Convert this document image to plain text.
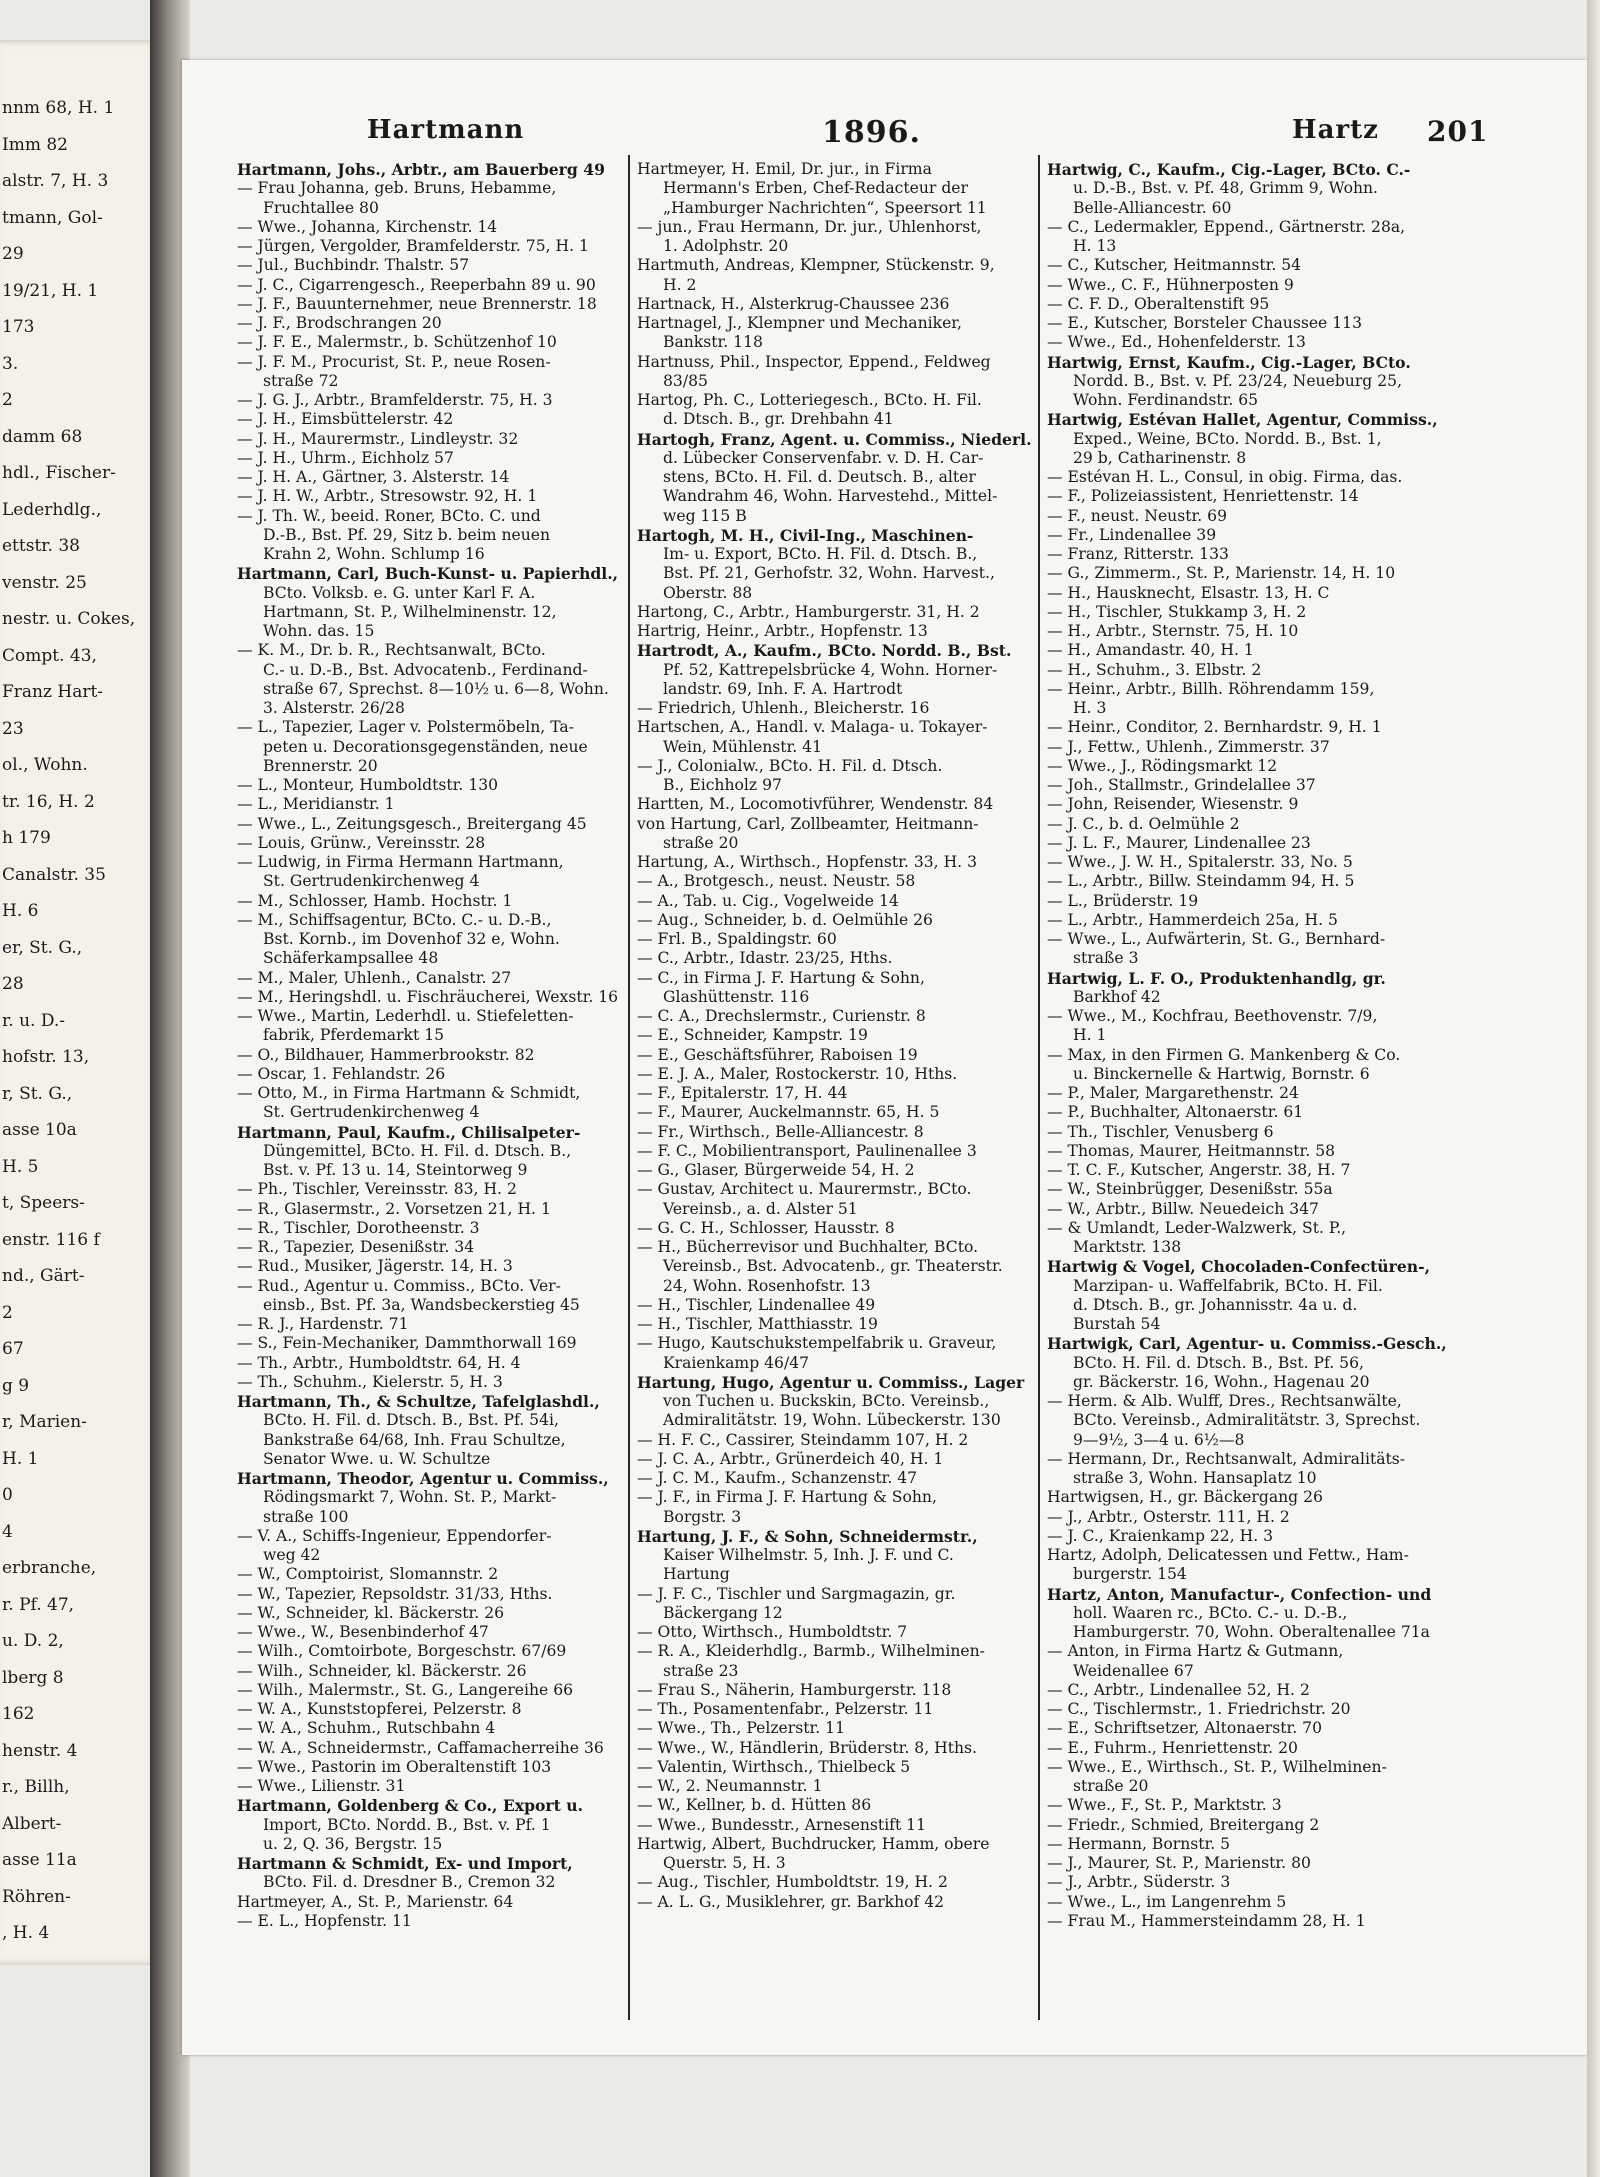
nnm 68, H. 1
Imm 82
alstr. 7, H. 3
tmann, Gol-
29
19/21, H. 1
173
3.
2
damm 68
hdl., Fischer-
Lederhdlg.,
ettstr. 38
venstr. 25
nestr. u. Cokes,
Compt. 43,
Franz Hart-
23
ol., Wohn.
tr. 16, H. 2
h 179
Canalstr. 35
H. 6
er, St. G.,
28
r. u. D.-
hofstr. 13,
r, St. G.,
asse 10a
H. 5
t, Speers-
enstr. 116 f
nd., Gärt-
2
67
g 9
r, Marien-
H. 1
0
4
erbranche,
r. Pf. 47,
u. D. 2,
lberg 8
162
henstr. 4
r., Billh,
Albert-
asse 11a
Röhren-
, H. 4
Hartmann	1896.	Hartz 201
Hartmann, Johs., Arbtr., am Bauerberg 49
— Frau Johanna, geb. Bruns, Hebamme,
Fruchtallee 80
— Wwe., Johanna, Kirchenstr. 14
— Jürgen, Vergolder, Bramfelderstr. 75, H. 1
— Jul., Buchbindr. Thalstr. 57
— J. C., Cigarrengesch., Reeperbahn 89 u. 90
— J. F., Bauunternehmer, neue Brennerstr. 18
— J. F., Brodschrangen 20
— J. F. E., Malermstr., b. Schützenhof 10
— J. F. M., Procurist, St. P., neue Rosen-
straße 72
— J. G. J., Arbtr., Bramfelderstr. 75, H. 3
— J. H., Eimsbüttelerstr. 42
— J. H., Maurermstr., Lindleystr. 32
— J. H., Uhrm., Eichholz 57
— J. H. A., Gärtner, 3. Alsterstr. 14
— J. H. W., Arbtr., Stresowstr. 92, H. 1
— J. Th. W., beeid. Roner, BCto. C. und
D.-B., Bst. Pf. 29, Sitz b. beim neuen
Krahn 2, Wohn. Schlump 16
Hartmann, Carl, Buch-Kunst- u. Papierhdl.,
BCto. Volksb. e. G. unter Karl F. A.
Hartmann, St. P., Wilhelminenstr. 12,
Wohn. das. 15
— K. M., Dr. b. R., Rechtsanwalt, BCto.
C.- u. D.-B., Bst. Advocatenb., Ferdinand-
straße 67, Sprechst. 8—10½ u. 6—8, Wohn.
3. Alsterstr. 26/28
— L., Tapezier, Lager v. Polstermöbeln, Ta-
peten u. Decorationsgegenständen, neue
Brennerstr. 20
— L., Monteur, Humboldtstr. 130
— L., Meridianstr. 1
— Wwe., L., Zeitungsgesch., Breitergang 45
— Louis, Grünw., Vereinsstr. 28
— Ludwig, in Firma Hermann Hartmann,
St. Gertrudenkirchenweg 4
— M., Schlosser, Hamb. Hochstr. 1
— M., Schiffsagentur, BCto. C.- u. D.-B.,
Bst. Kornb., im Dovenhof 32 e, Wohn.
Schäferkampsallee 48
— M., Maler, Uhlenh., Canalstr. 27
— M., Heringshdl. u. Fischräucherei, Wexstr. 16
— Wwe., Martin, Lederhdl. u. Stiefeletten-
fabrik, Pferdemarkt 15
— O., Bildhauer, Hammerbrookstr. 82
— Oscar, 1. Fehlandstr. 26
— Otto, M., in Firma Hartmann & Schmidt,
St. Gertrudenkirchenweg 4
Hartmann, Paul, Kaufm., Chilisalpeter-
Düngemittel, BCto. H. Fil. d. Dtsch. B.,
Bst. v. Pf. 13 u. 14, Steintorweg 9
— Ph., Tischler, Vereinsstr. 83, H. 2
— R., Glasermstr., 2. Vorsetzen 21, H. 1
— R., Tischler, Dorotheenstr. 3
— R., Tapezier, Desenißstr. 34
— Rud., Musiker, Jägerstr. 14, H. 3
— Rud., Agentur u. Commiss., BCto. Ver-
einsb., Bst. Pf. 3a, Wandsbeckerstieg 45
— R. J., Hardenstr. 71
— S., Fein-Mechaniker, Dammthorwall 169
— Th., Arbtr., Humboldtstr. 64, H. 4
— Th., Schuhm., Kielerstr. 5, H. 3
Hartmann, Th., & Schultze, Tafelglashdl.,
BCto. H. Fil. d. Dtsch. B., Bst. Pf. 54i,
Bankstraße 64/68, Inh. Frau Schultze,
Senator Wwe. u. W. Schultze
Hartmann, Theodor, Agentur u. Commiss.,
Rödingsmarkt 7, Wohn. St. P., Markt-
straße 100
— V. A., Schiffs-Ingenieur, Eppendorfer-
weg 42
— W., Comptoirist, Slomannstr. 2
— W., Tapezier, Repsoldstr. 31/33, Hths.
— W., Schneider, kl. Bäckerstr. 26
— Wwe., W., Besenbinderhof 47
— Wilh., Comtoirbote, Borgeschstr. 67/69
— Wilh., Schneider, kl. Bäckerstr. 26
— Wilh., Malermstr., St. G., Langereihe 66
— W. A., Kunststopferei, Pelzerstr. 8
— W. A., Schuhm., Rutschbahn 4
— W. A., Schneidermstr., Caffamacherreihe 36
— Wwe., Pastorin im Oberaltenstift 103
— Wwe., Lilienstr. 31
Hartmann, Goldenberg & Co., Export u.
Import, BCto. Nordd. B., Bst. v. Pf. 1
u. 2, Q. 36, Bergstr. 15
Hartmann & Schmidt, Ex- und Import,
BCto. Fil. d. Dresdner B., Cremon 32
Hartmeyer, A., St. P., Marienstr. 64
— E. L., Hopfenstr. 11
Hartmeyer, H. Emil, Dr. jur., in Firma
Hermann's Erben, Chef-Redacteur der
„Hamburger Nachrichten“, Speersort 11
— jun., Frau Hermann, Dr. jur., Uhlenhorst,
1. Adolphstr. 20
Hartmuth, Andreas, Klempner, Stückenstr. 9,
H. 2
Hartnack, H., Alsterkrug-Chaussee 236
Hartnagel, J., Klempner und Mechaniker,
Bankstr. 118
Hartnuss, Phil., Inspector, Eppend., Feldweg
83/85
Hartog, Ph. C., Lotteriegesch., BCto. H. Fil.
d. Dtsch. B., gr. Drehbahn 41
Hartogh, Franz, Agent. u. Commiss., Niederl.
d. Lübecker Conservenfabr. v. D. H. Car-
stens, BCto. H. Fil. d. Deutsch. B., alter
Wandrahm 46, Wohn. Harvestehd., Mittel-
weg 115 B
Hartogh, M. H., Civil-Ing., Maschinen-
Im- u. Export, BCto. H. Fil. d. Dtsch. B.,
Bst. Pf. 21, Gerhofstr. 32, Wohn. Harvest.,
Oberstr. 88
Hartong, C., Arbtr., Hamburgerstr. 31, H. 2
Hartrig, Heinr., Arbtr., Hopfenstr. 13
Hartrodt, A., Kaufm., BCto. Nordd. B., Bst.
Pf. 52, Kattrepelsbrücke 4, Wohn. Horner-
landstr. 69, Inh. F. A. Hartrodt
— Friedrich, Uhlenh., Bleicherstr. 16
Hartschen, A., Handl. v. Malaga- u. Tokayer-
Wein, Mühlenstr. 41
— J., Colonialw., BCto. H. Fil. d. Dtsch.
B., Eichholz 97
Hartten, M., Locomotivführer, Wendenstr. 84
von Hartung, Carl, Zollbeamter, Heitmann-
straße 20
Hartung, A., Wirthsch., Hopfenstr. 33, H. 3
— A., Brotgesch., neust. Neustr. 58
— A., Tab. u. Cig., Vogelweide 14
— Aug., Schneider, b. d. Oelmühle 26
— Frl. B., Spaldingstr. 60
— C., Arbtr., Idastr. 23/25, Hths.
— C., in Firma J. F. Hartung & Sohn,
Glashüttenstr. 116
— C. A., Drechslermstr., Curienstr. 8
— E., Schneider, Kampstr. 19
— E., Geschäftsführer, Raboisen 19
— E. J. A., Maler, Rostockerstr. 10, Hths.
— F., Epitalerstr. 17, H. 44
— F., Maurer, Auckelmannstr. 65, H. 5
— Fr., Wirthsch., Belle-Alliancestr. 8
— F. C., Mobilientransport, Paulinenallee 3
— G., Glaser, Bürgerweide 54, H. 2
— Gustav, Architect u. Maurermstr., BCto.
Vereinsb., a. d. Alster 51
— G. C. H., Schlosser, Hausstr. 8
— H., Bücherrevisor und Buchhalter, BCto.
Vereinsb., Bst. Advocatenb., gr. Theaterstr.
24, Wohn. Rosenhofstr. 13
— H., Tischler, Lindenallee 49
— H., Tischler, Matthiasstr. 19
— Hugo, Kautschukstempelfabrik u. Graveur,
Kraienkamp 46/47
Hartung, Hugo, Agentur u. Commiss., Lager
von Tuchen u. Buckskin, BCto. Vereinsb.,
Admiralitätstr. 19, Wohn. Lübeckerstr. 130
— H. F. C., Cassirer, Steindamm 107, H. 2
— J. C. A., Arbtr., Grünerdeich 40, H. 1
— J. C. M., Kaufm., Schanzenstr. 47
— J. F., in Firma J. F. Hartung & Sohn,
Borgstr. 3
Hartung, J. F., & Sohn, Schneidermstr.,
Kaiser Wilhelmstr. 5, Inh. J. F. und C.
Hartung
— J. F. C., Tischler und Sargmagazin, gr.
Bäckergang 12
— Otto, Wirthsch., Humboldtstr. 7
— R. A., Kleiderhdlg., Barmb., Wilhelminen-
straße 23
— Frau S., Näherin, Hamburgerstr. 118
— Th., Posamentenfabr., Pelzerstr. 11
— Wwe., Th., Pelzerstr. 11
— Wwe., W., Händlerin, Brüderstr. 8, Hths.
— Valentin, Wirthsch., Thielbeck 5
— W., 2. Neumannstr. 1
— W., Kellner, b. d. Hütten 86
— Wwe., Bundesstr., Arnesenstift 11
Hartwig, Albert, Buchdrucker, Hamm, obere
Querstr. 5, H. 3
— Aug., Tischler, Humboldtstr. 19, H. 2
— A. L. G., Musiklehrer, gr. Barkhof 42
Hartwig, C., Kaufm., Cig.-Lager, BCto. C.-
u. D.-B., Bst. v. Pf. 48, Grimm 9, Wohn.
Belle-Alliancestr. 60
— C., Ledermakler, Eppend., Gärtnerstr. 28a,
H. 13
— C., Kutscher, Heitmannstr. 54
— Wwe., C. F., Hühnerposten 9
— C. F. D., Oberaltenstift 95
— E., Kutscher, Borsteler Chaussee 113
— Wwe., Ed., Hohenfelderstr. 13
Hartwig, Ernst, Kaufm., Cig.-Lager, BCto.
Nordd. B., Bst. v. Pf. 23/24, Neueburg 25,
Wohn. Ferdinandstr. 65
Hartwig, Estévan Hallet, Agentur, Commiss.,
Exped., Weine, BCto. Nordd. B., Bst. 1,
29 b, Catharinenstr. 8
— Estévan H. L., Consul, in obig. Firma, das.
— F., Polizeiassistent, Henriettenstr. 14
— F., neust. Neustr. 69
— Fr., Lindenallee 39
— Franz, Ritterstr. 133
— G., Zimmerm., St. P., Marienstr. 14, H. 10
— H., Hausknecht, Elsastr. 13, H. C
— H., Tischler, Stukkamp 3, H. 2
— H., Arbtr., Sternstr. 75, H. 10
— H., Amandastr. 40, H. 1
— H., Schuhm., 3. Elbstr. 2
— Heinr., Arbtr., Billh. Röhrendamm 159,
H. 3
— Heinr., Conditor, 2. Bernhardstr. 9, H. 1
— J., Fettw., Uhlenh., Zimmerstr. 37
— Wwe., J., Rödingsmarkt 12
— Joh., Stallmstr., Grindelallee 37
— John, Reisender, Wiesenstr. 9
— J. C., b. d. Oelmühle 2
— J. L. F., Maurer, Lindenallee 23
— Wwe., J. W. H., Spitalerstr. 33, No. 5
— L., Arbtr., Billw. Steindamm 94, H. 5
— L., Brüderstr. 19
— L., Arbtr., Hammerdeich 25a, H. 5
— Wwe., L., Aufwärterin, St. G., Bernhard-
straße 3
Hartwig, L. F. O., Produktenhandlg, gr.
Barkhof 42
— Wwe., M., Kochfrau, Beethovenstr. 7/9,
H. 1
— Max, in den Firmen G. Mankenberg & Co.
u. Binckernelle & Hartwig, Bornstr. 6
— P., Maler, Margarethenstr. 24
— P., Buchhalter, Altonaerstr. 61
— Th., Tischler, Venusberg 6
— Thomas, Maurer, Heitmannstr. 58
— T. C. F., Kutscher, Angerstr. 38, H. 7
— W., Steinbrügger, Desenißstr. 55a
— W., Arbtr., Billw. Neuedeich 347
— & Umlandt, Leder-Walzwerk, St. P.,
Marktstr. 138
Hartwig & Vogel, Chocoladen-Confectüren-,
Marzipan- u. Waffelfabrik, BCto. H. Fil.
d. Dtsch. B., gr. Johannisstr. 4a u. d.
Burstah 54
Hartwigk, Carl, Agentur- u. Commiss.-Gesch.,
BCto. H. Fil. d. Dtsch. B., Bst. Pf. 56,
gr. Bäckerstr. 16, Wohn., Hagenau 20
— Herm. & Alb. Wulff, Dres., Rechtsanwälte,
BCto. Vereinsb., Admiralitätstr. 3, Sprechst.
9—9½, 3—4 u. 6½—8
— Hermann, Dr., Rechtsanwalt, Admiralitäts-
straße 3, Wohn. Hansaplatz 10
Hartwigsen, H., gr. Bäckergang 26
— J., Arbtr., Osterstr. 111, H. 2
— J. C., Kraienkamp 22, H. 3
Hartz, Adolph, Delicatessen und Fettw., Ham-
burgerstr. 154
Hartz, Anton, Manufactur-, Confection- und
holl. Waaren rc., BCto. C.- u. D.-B.,
Hamburgerstr. 70, Wohn. Oberaltenallee 71a
— Anton, in Firma Hartz & Gutmann,
Weidenallee 67
— C., Arbtr., Lindenallee 52, H. 2
— C., Tischlermstr., 1. Friedrichstr. 20
— E., Schriftsetzer, Altonaerstr. 70
— E., Fuhrm., Henriettenstr. 20
— Wwe., E., Wirthsch., St. P., Wilhelminen-
straße 20
— Wwe., F., St. P., Marktstr. 3
— Friedr., Schmied, Breitergang 2
— Hermann, Bornstr. 5
— J., Maurer, St. P., Marienstr. 80
— J., Arbtr., Süderstr. 3
— Wwe., L., im Langenrehm 5
— Frau M., Hammersteindamm 28, H. 1
